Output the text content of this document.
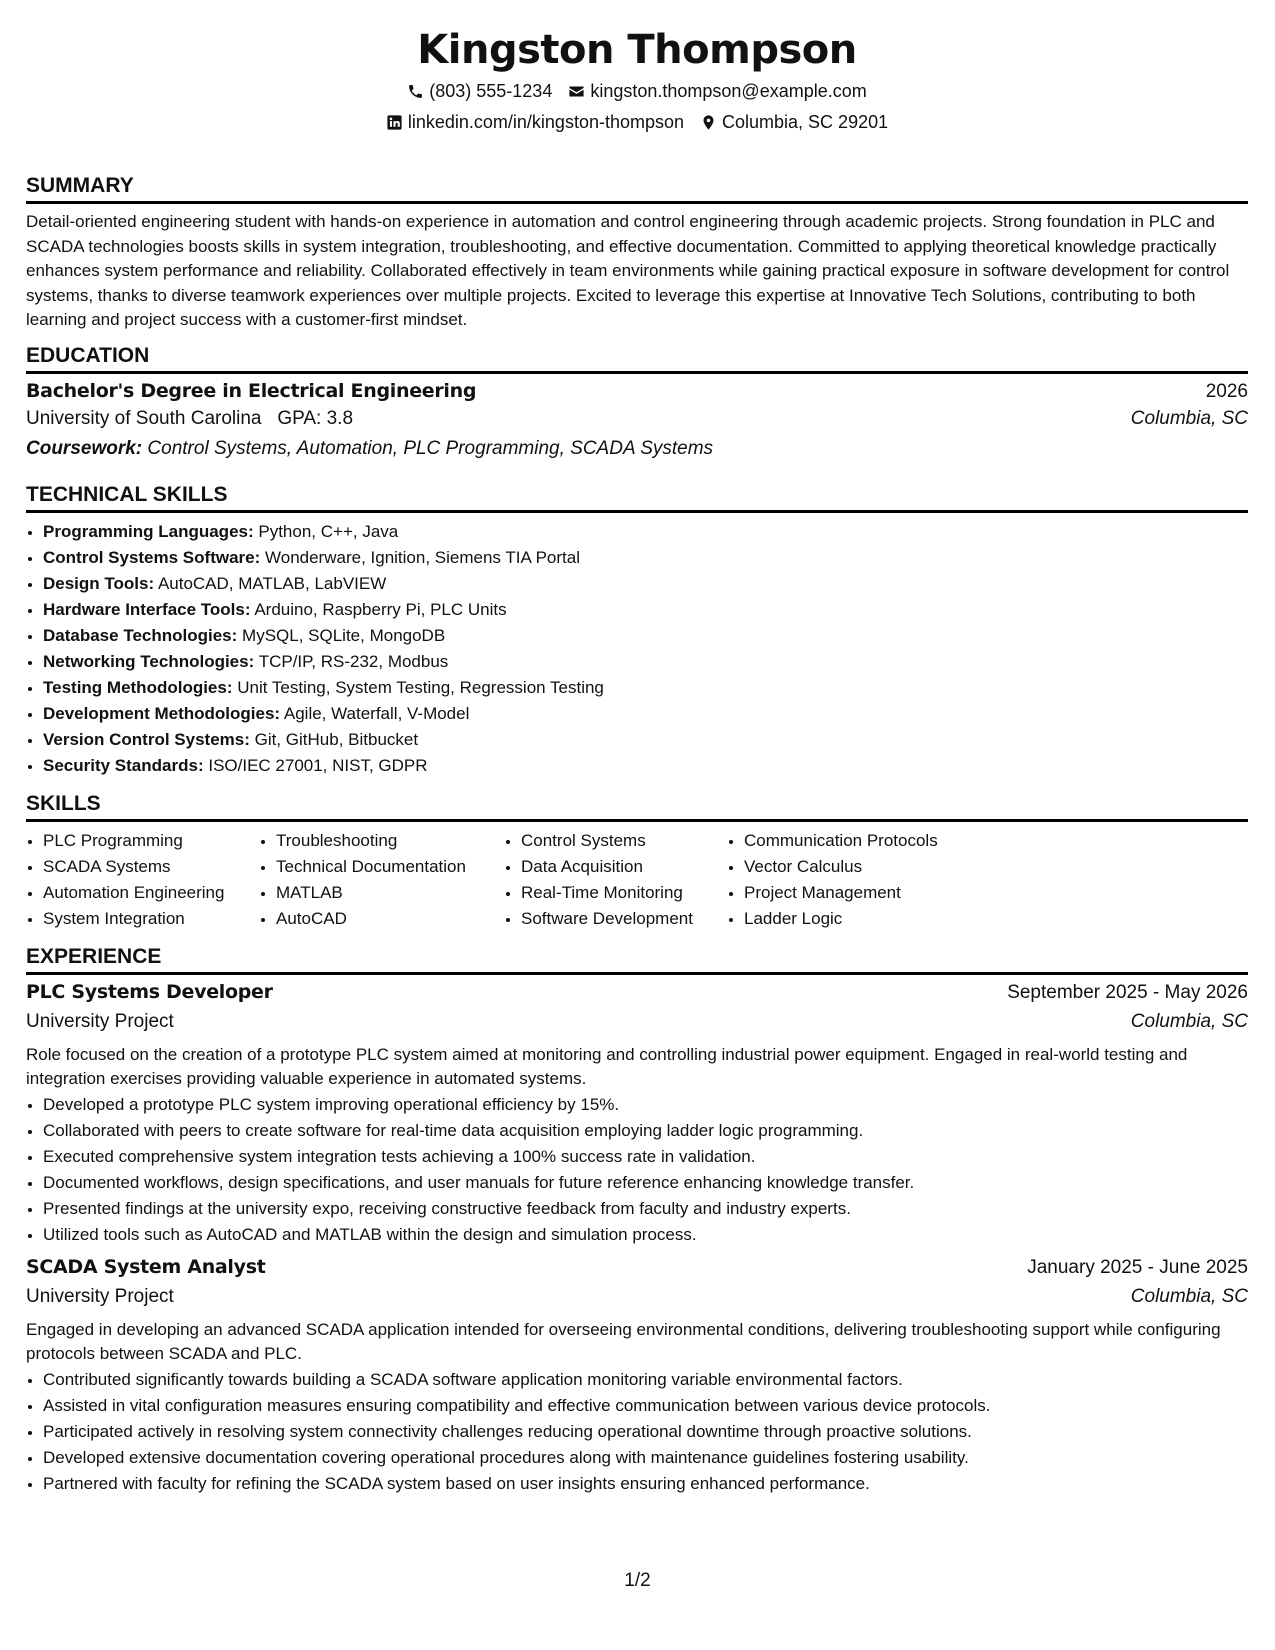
Kingston Thompson
(803) 555-1234 kingston.thompson@example.com
linkedin.com/in/kingston-thompson Columbia, SC 29201
SUMMARY

Detail-oriented engineering student with hands-on experience in automation and control engineering through academic projects. Strong foundation in PLC and SCADA technologies boosts skills in system integration, troubleshooting, and effective documentation. Committed to applying theoretical knowledge practically enhances system performance and reliability. Collaborated effectively in team environments while gaining practical exposure in software development for control systems, thanks to diverse teamwork experiences over multiple projects. Excited to leverage this expertise at Innovative Tech Solutions, contributing to both learning and project success with a customer-first mindset.

EDUCATION
Bachelor's Degree in Electrical Engineering	2026
University of South Carolina GPA: 3.8	Columbia, SC
Coursework: Control Systems, Automation, PLC Programming, SCADA Systems
TECHNICAL SKILLS
• Programming Languages: Python, C++, Java
• Control Systems Software: Wonderware, Ignition, Siemens TIA Portal
• Design Tools: AutoCAD, MATLAB, LabVIEW
• Hardware Interface Tools: Arduino, Raspberry Pi, PLC Units
• Database Technologies: MySQL, SQLite, MongoDB
• Networking Technologies: TCP/IP, RS-232, Modbus
• Testing Methodologies: Unit Testing, System Testing, Regression Testing
• Development Methodologies: Agile, Waterfall, V-Model
• Version Control Systems: Git, GitHub, Bitbucket
• Security Standards: ISO/IEC 27001, NIST, GDPR
SKILLS
• PLC Programming
• SCADA Systems
• Automation Engineering
• System Integration
• Troubleshooting
• Technical Documentation
• MATLAB
• AutoCAD
• Control Systems
• Data Acquisition
• Real-Time Monitoring
• Software Development
• Communication Protocols
• Vector Calculus
• Project Management
• Ladder Logic
EXPERIENCE
PLC Systems Developer	September 2025 - May 2026
University Project	Columbia, SC

Role focused on the creation of a prototype PLC system aimed at monitoring and controlling industrial power equipment. Engaged in real-world testing and integration exercises providing valuable experience in automated systems.

• Developed a prototype PLC system improving operational efficiency by 15%.
• Collaborated with peers to create software for real-time data acquisition employing ladder logic programming.
• Executed comprehensive system integration tests achieving a 100% success rate in validation.
• Documented workflows, design specifications, and user manuals for future reference enhancing knowledge transfer.
• Presented findings at the university expo, receiving constructive feedback from faculty and industry experts.
• Utilized tools such as AutoCAD and MATLAB within the design and simulation process.
SCADA System Analyst	January 2025 - June 2025
University Project	Columbia, SC

Engaged in developing an advanced SCADA application intended for overseeing environmental conditions, delivering troubleshooting support while configuring protocols between SCADA and PLC.

• Contributed significantly towards building a SCADA software application monitoring variable environmental factors.
• Assisted in vital configuration measures ensuring compatibility and effective communication between various device protocols.
• Participated actively in resolving system connectivity challenges reducing operational downtime through proactive solutions.
• Developed extensive documentation covering operational procedures along with maintenance guidelines fostering usability.
• Partnered with faculty for refining the SCADA system based on user insights ensuring enhanced performance.
1/2
